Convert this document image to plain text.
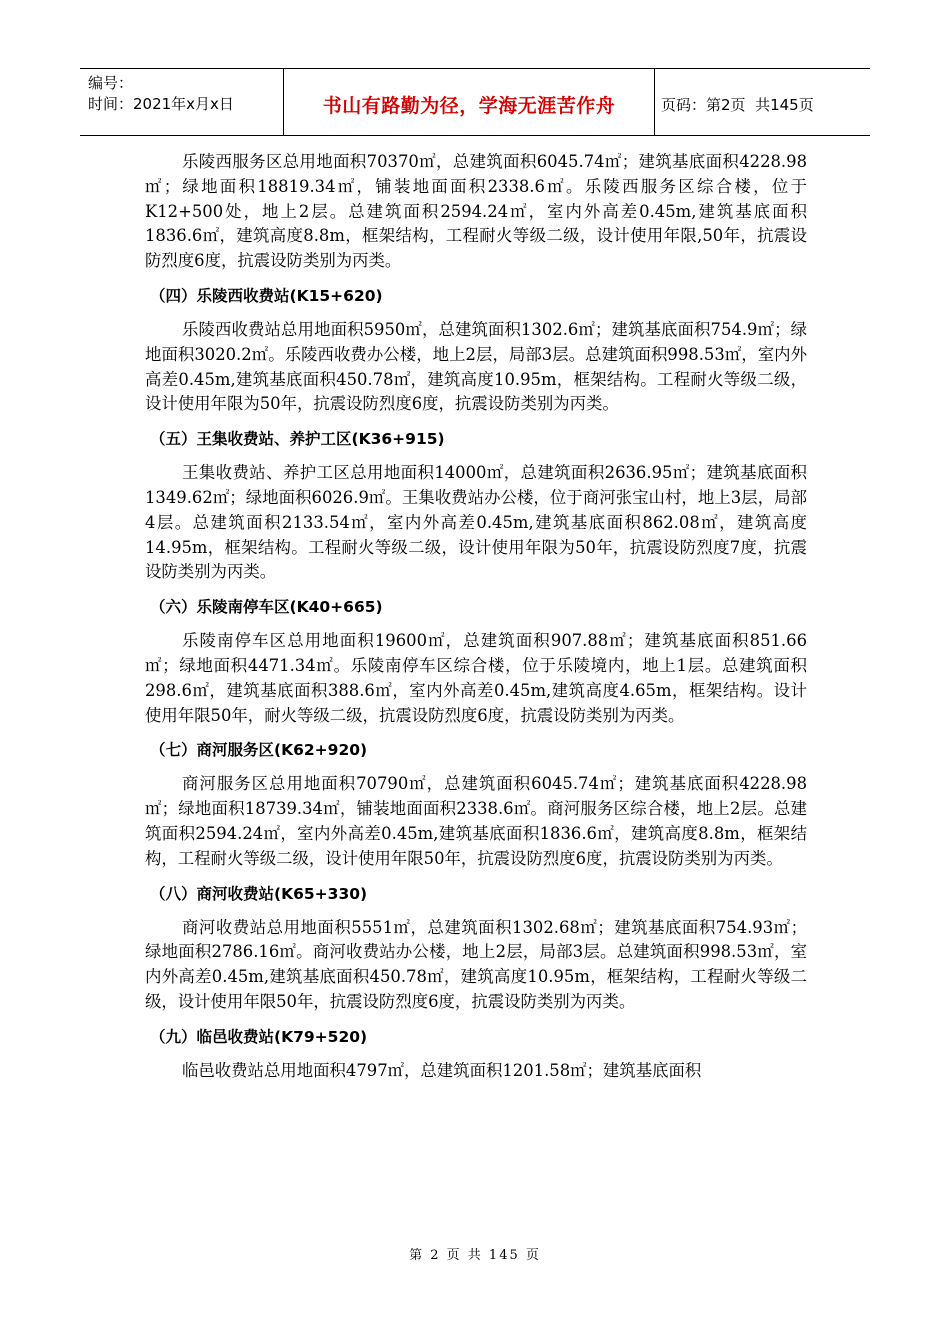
编号：
时间：2021年x月x日	书山有路勤为径，学海无涯苦作舟	页码：第2页  共145页

乐陵西服务区总用地面积70370㎡，总建筑面积6045.74㎡；建筑基底面积4228.98㎡；绿地面积18819.34㎡，铺装地面面积2338.6㎡。乐陵西服务区综合楼，位于K12+500处，地上2层。总建筑面积2594.24㎡，室内外高差0.45m,建筑基底面积1836.6㎡，建筑高度8.8m，框架结构，工程耐火等级二级，设计使用年限,50年，抗震设防烈度6度，抗震设防类别为丙类。

（四）乐陵西收费站(K15+620)

乐陵西收费站总用地面积5950㎡，总建筑面积1302.6㎡；建筑基底面积754.9㎡；绿地面积3020.2㎡。乐陵西收费办公楼，地上2层，局部3层。总建筑面积998.53㎡，室内外高差0.45m,建筑基底面积450.78㎡，建筑高度10.95m，框架结构。工程耐火等级二级，设计使用年限为50年，抗震设防烈度6度，抗震设防类别为丙类。

（五）王集收费站、养护工区(K36+915)

王集收费站、养护工区总用地面积14000㎡，总建筑面积2636.95㎡；建筑基底面积1349.62㎡；绿地面积6026.9㎡。王集收费站办公楼，位于商河张宝山村，地上3层，局部4层。总建筑面积2133.54㎡，室内外高差0.45m,建筑基底面积862.08㎡，建筑高度14.95m，框架结构。工程耐火等级二级，设计使用年限为50年，抗震设防烈度7度，抗震设防类别为丙类。

（六）乐陵南停车区(K40+665)

乐陵南停车区总用地面积19600㎡，总建筑面积907.88㎡；建筑基底面积851.66㎡；绿地面积4471.34㎡。乐陵南停车区综合楼，位于乐陵境内，地上1层。总建筑面积298.6㎡，建筑基底面积388.6㎡，室内外高差0.45m,建筑高度4.65m，框架结构。设计使用年限50年，耐火等级二级，抗震设防烈度6度，抗震设防类别为丙类。

（七）商河服务区(K62+920)

商河服务区总用地面积70790㎡，总建筑面积6045.74㎡；建筑基底面积4228.98㎡；绿地面积18739.34㎡，铺装地面面积2338.6㎡。商河服务区综合楼，地上2层。总建筑面积2594.24㎡，室内外高差0.45m,建筑基底面积1836.6㎡，建筑高度8.8m，框架结构，工程耐火等级二级，设计使用年限50年，抗震设防烈度6度，抗震设防类别为丙类。

（八）商河收费站(K65+330)

商河收费站总用地面积5551㎡，总建筑面积1302.68㎡；建筑基底面积754.93㎡；绿地面积2786.16㎡。商河收费站办公楼，地上2层，局部3层。总建筑面积998.53㎡，室内外高差0.45m,建筑基底面积450.78㎡，建筑高度10.95m，框架结构，工程耐火等级二级，设计使用年限50年，抗震设防烈度6度，抗震设防类别为丙类。

（九）临邑收费站(K79+520)

临邑收费站总用地面积4797㎡，总建筑面积1201.58㎡；建筑基底面积

第 2 页 共 145 页
